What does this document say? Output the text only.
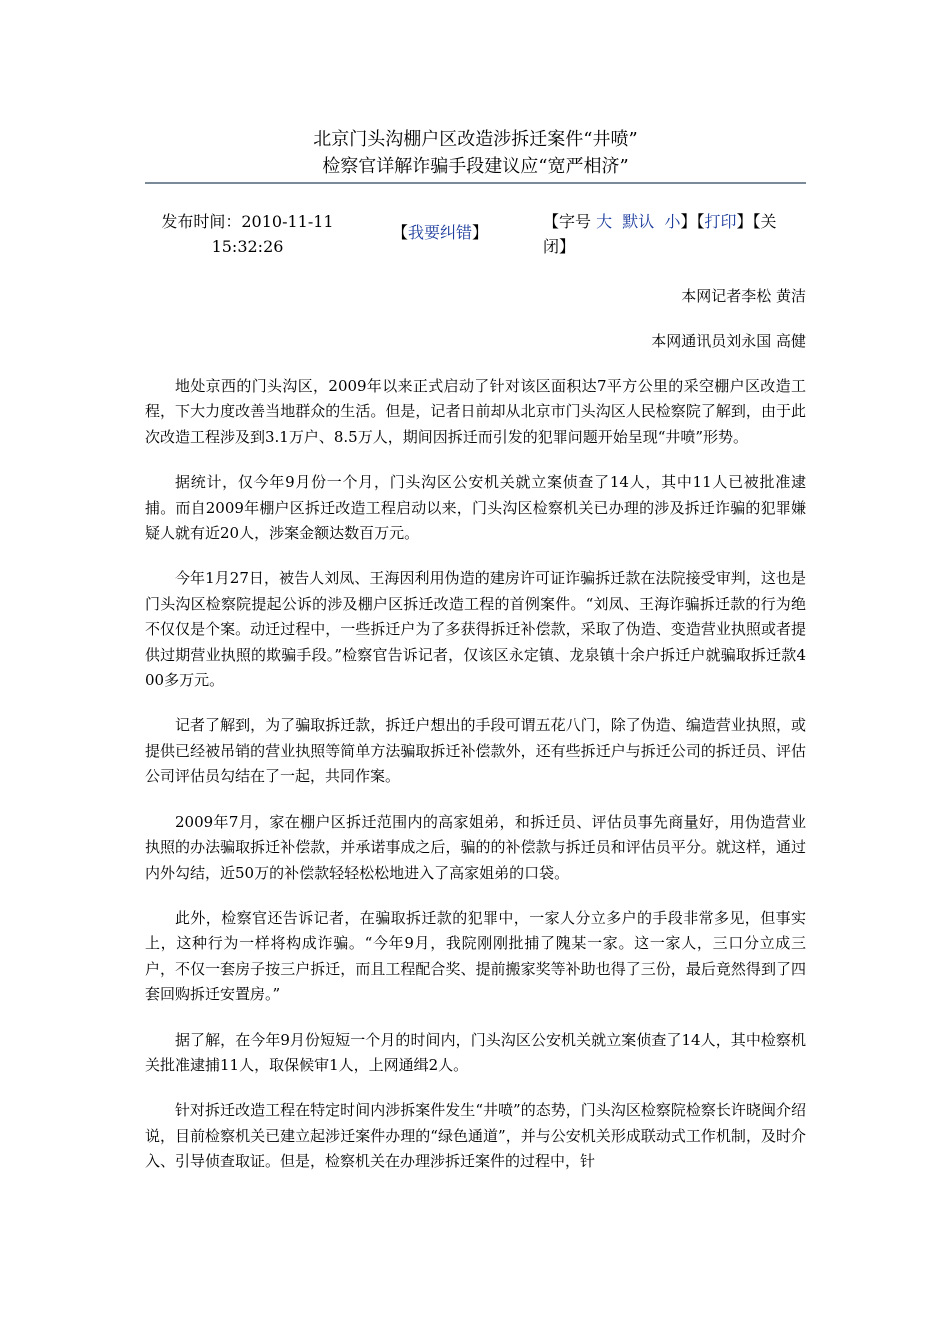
北京门头沟棚户区改造涉拆迁案件“井喷”
检察官详解诈骗手段建议应“宽严相济”
发布时间：2010-11-11 15:32:26
【我要纠错】
【字号 大 默认 小】【打印】【关闭】
本网记者李松 黄洁
本网通讯员刘永国 高健

地处京西的门头沟区，2009年以来正式启动了针对该区面积达7平方公里的采空棚户区改造工程，下大力度改善当地群众的生活。但是，记者日前却从北京市门头沟区人民检察院了解到，由于此次改造工程涉及到3.1万户、8.5万人，期间因拆迁而引发的犯罪问题开始呈现“井喷”形势。

据统计，仅今年9月份一个月，门头沟区公安机关就立案侦查了14人，其中11人已被批准逮捕。而自2009年棚户区拆迁改造工程启动以来，门头沟区检察机关已办理的涉及拆迁诈骗的犯罪嫌疑人就有近20人，涉案金额达数百万元。

今年1月27日，被告人刘凤、王海因利用伪造的建房许可证诈骗拆迁款在法院接受审判，这也是门头沟区检察院提起公诉的涉及棚户区拆迁改造工程的首例案件。“刘凤、王海诈骗拆迁款的行为绝不仅仅是个案。动迁过程中，一些拆迁户为了多获得拆迁补偿款，采取了伪造、变造营业执照或者提供过期营业执照的欺骗手段。”检察官告诉记者，仅该区永定镇、龙泉镇十余户拆迁户就骗取拆迁款400多万元。

记者了解到，为了骗取拆迁款，拆迁户想出的手段可谓五花八门，除了伪造、编造营业执照，或提供已经被吊销的营业执照等简单方法骗取拆迁补偿款外，还有些拆迁户与拆迁公司的拆迁员、评估公司评估员勾结在了一起，共同作案。

2009年7月，家在棚户区拆迁范围内的高家姐弟，和拆迁员、评估员事先商量好，用伪造营业执照的办法骗取拆迁补偿款，并承诺事成之后，骗的的补偿款与拆迁员和评估员平分。就这样，通过内外勾结，近50万的补偿款轻轻松松地进入了高家姐弟的口袋。

此外，检察官还告诉记者，在骗取拆迁款的犯罪中，一家人分立多户的手段非常多见，但事实上，这种行为一样将构成诈骗。“今年9月，我院刚刚批捕了隗某一家。这一家人，三口分立成三户，不仅一套房子按三户拆迁，而且工程配合奖、提前搬家奖等补助也得了三份，最后竟然得到了四套回购拆迁安置房。”

据了解，在今年9月份短短一个月的时间内，门头沟区公安机关就立案侦查了14人，其中检察机关批准逮捕11人，取保候审1人，上网通缉2人。

针对拆迁改造工程在特定时间内涉拆案件发生“井喷”的态势，门头沟区检察院检察长许晓闽介绍说，目前检察机关已建立起涉迁案件办理的“绿色通道”，并与公安机关形成联动式工作机制，及时介入、引导侦查取证。但是，检察机关在办理涉拆迁案件的过程中，针
